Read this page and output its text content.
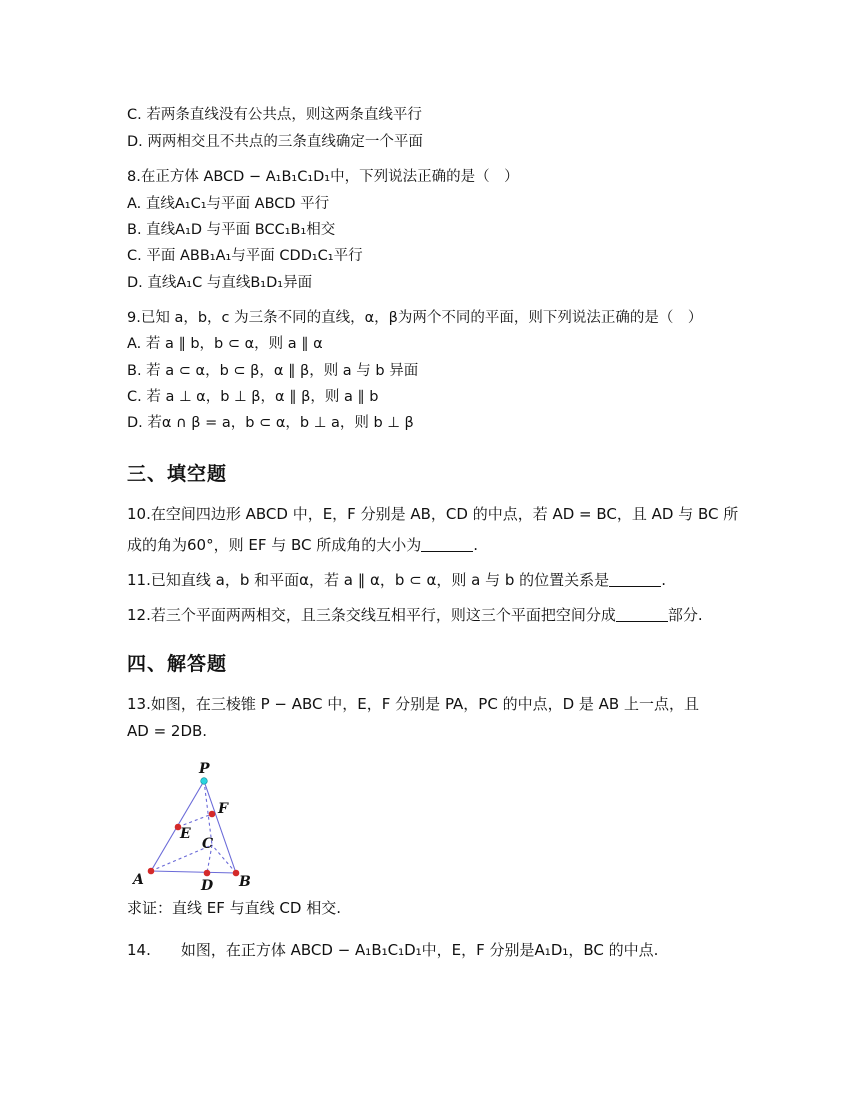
C. 若两条直线没有公共点，则这两条直线平行
D. 两两相交且不共点的三条直线确定一个平面
8.在正方体 ABCD − A₁B₁C₁D₁中，下列说法正确的是（　）
A. 直线A₁C₁与平面 ABCD 平行
B. 直线A₁D 与平面 BCC₁B₁相交
C. 平面 ABB₁A₁与平面 CDD₁C₁平行
D. 直线A₁C 与直线B₁D₁异面
9.已知 a，b，c 为三条不同的直线，α，β为两个不同的平面，则下列说法正确的是（　）
A. 若 a ∥ b，b ⊂ α，则 a ∥ α
B. 若 a ⊂ α，b ⊂ β，α ∥ β，则 a 与 b 异面
C. 若 a ⊥ α，b ⊥ β，α ∥ β，则 a ∥ b
D. 若α ∩ β = a，b ⊂ α，b ⊥ a，则 b ⊥ β
三、填空题
10.在空间四边形 ABCD 中，E，F 分别是 AB，CD 的中点，若 AD = BC，且 AD 与 BC 所
成的角为60°，则 EF 与 BC 所成角的大小为	.
11.已知直线 a，b 和平面α，若 a ∥ α，b ⊂ α，则 a 与 b 的位置关系是	.
12.若三个平面两两相交，且三条交线互相平行，则这三个平面把空间分成	部分.
四、解答题
13.如图，在三棱锥 P − ABC 中，E，F 分别是 PA，PC 的中点，D 是 AB 上一点，且
AD = 2DB.
P
F
E
C
A	D B
求证：直线 EF 与直线 CD 相交.
14.　　如图，在正方体 ABCD − A₁B₁C₁D₁中，E，F 分别是A₁D₁，BC 的中点.
